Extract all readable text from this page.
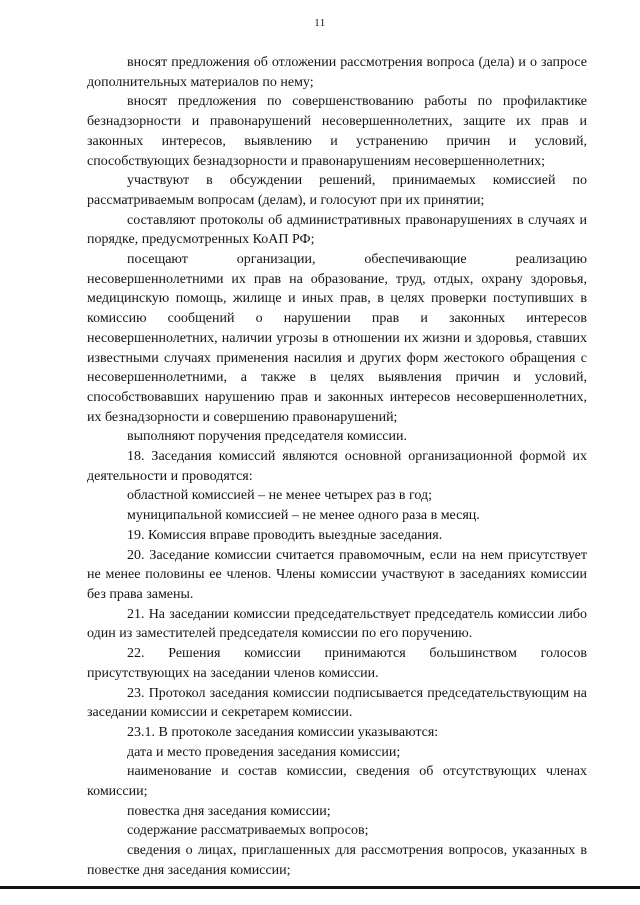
11

вносят предложения об отложении рассмотрения вопроса (дела) и о запросе дополнительных материалов по нему;

вносят предложения по совершенствованию работы по профилактике безнадзорности и правонарушений несовершеннолетних, защите их прав и законных интересов, выявлению и устранению причин и условий, способствующих безнадзорности и правонарушениям несовершеннолетних;

участвуют в обсуждении решений, принимаемых комиссией по рассматриваемым вопросам (делам), и голосуют при их принятии;

составляют протоколы об административных правонарушениях в случаях и порядке, предусмотренных КоАП РФ;

посещают организации, обеспечивающие реализацию несовершеннолетними их прав на образование, труд, отдых, охрану здоровья, медицинскую помощь, жилище и иных прав, в целях проверки поступивших в комиссию сообщений о нарушении прав и законных интересов несовершеннолетних, наличии угрозы в отношении их жизни и здоровья, ставших известными случаях применения насилия и других форм жестокого обращения с несовершеннолетними, а также в целях выявления причин и условий, способствовавших нарушению прав и законных интересов несовершеннолетних, их безнадзорности и совершению правонарушений;

выполняют поручения председателя комиссии.

18. Заседания комиссий являются основной организационной формой их деятельности и проводятся:

областной комиссией – не менее четырех раз в год;

муниципальной комиссией – не менее одного раза в месяц.

19. Комиссия вправе проводить выездные заседания.

20. Заседание комиссии считается правомочным, если на нем присутствует не менее половины ее членов. Члены комиссии участвуют в заседаниях комиссии без права замены.

21. На заседании комиссии председательствует председатель комиссии либо один из заместителей председателя комиссии по его поручению.

22. Решения комиссии принимаются большинством голосов присутствующих на заседании членов комиссии.

23. Протокол заседания комиссии подписывается председательствующим на заседании комиссии и секретарем комиссии.

23.1. В протоколе заседания комиссии указываются:

дата и место проведения заседания комиссии;

наименование и состав комиссии, сведения об отсутствующих членах комиссии;

повестка дня заседания комиссии;

содержание рассматриваемых вопросов;

сведения о лицах, приглашенных для рассмотрения вопросов, указанных в повестке дня заседания комиссии;
